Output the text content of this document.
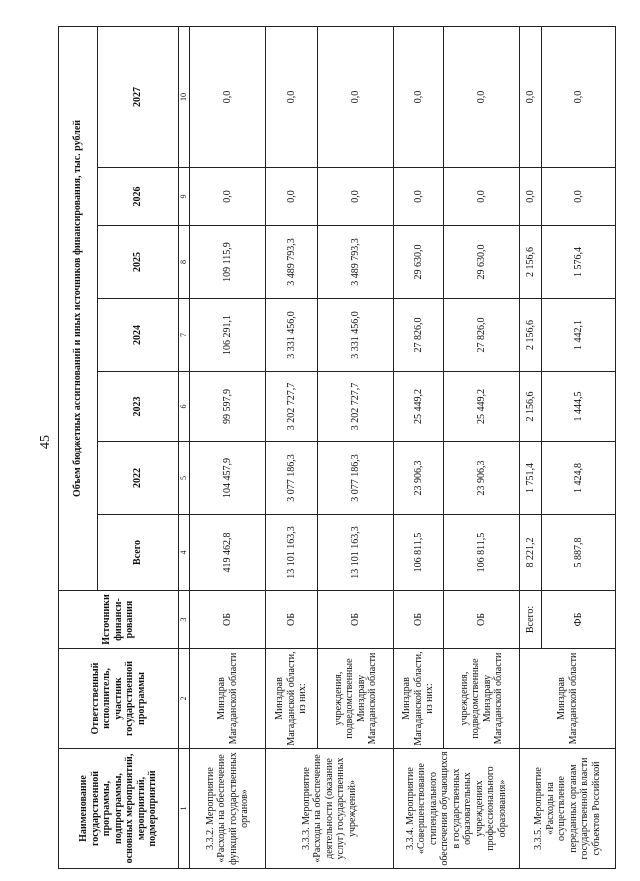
45
Наименование государственной программы, подпрограммы, основных мероприятий, мероприятий, подмероприятий	Ответственный исполнитель, участник государственной программы	Источники финанси-рования	Объем бюджетных ассигнований и иных источников финансирования, тыс. рублей						
			Всего	2022	2023	2024	2025	2026	2027
1	2	3	4	5	6	7	8	9	10
3.3.2. Мероприятие «Расходы на обеспечение функций государственных органов»	Минздрав Магаданской области	ОБ	419 462,8	104 457,9	99 597,9	106 291,1	109 115,9	0,0	0,0
3.3.3. Мероприятие «Расходы на обеспечение деятельности (оказание услуг) государственных учреждений»	Минздрав Магаданской области, из них:	ОБ	13 101 163,3	3 077 186,3	3 202 727,7	3 331 456,0	3 489 793,3	0,0	0,0
	учреждения, подведомственные Минздраву Магаданской области	ОБ	13 101 163,3	3 077 186,3	3 202 727,7	3 331 456,0	3 489 793,3	0,0	0,0
3.3.4. Мероприятие «Совершенствование стипендиального обеспечения обучающихся в государственных образовательных учреждениях профессионального образования»	Минздрав Магаданской области, из них:	ОБ	106 811,5	23 906,3	25 449,2	27 826,0	29 630,0	0,0	0,0
	учреждения, подведомственные Минздраву Магаданской области	ОБ	106 811,5	23 906,3	25 449,2	27 826,0	29 630,0	0,0	0,0
3.3.5. Мероприятие «Расходы на осуществление переданных органам государственной власти субъектов Российской	Минздрав Магаданской области	Всего:	8 221,2	1 751,4	2 156,6	2 156,6	2 156,6	0,0	0,0
		ФБ	5 887,8	1 424,8	1 444,5	1 442,1	1 576,4	0,0	0,0
